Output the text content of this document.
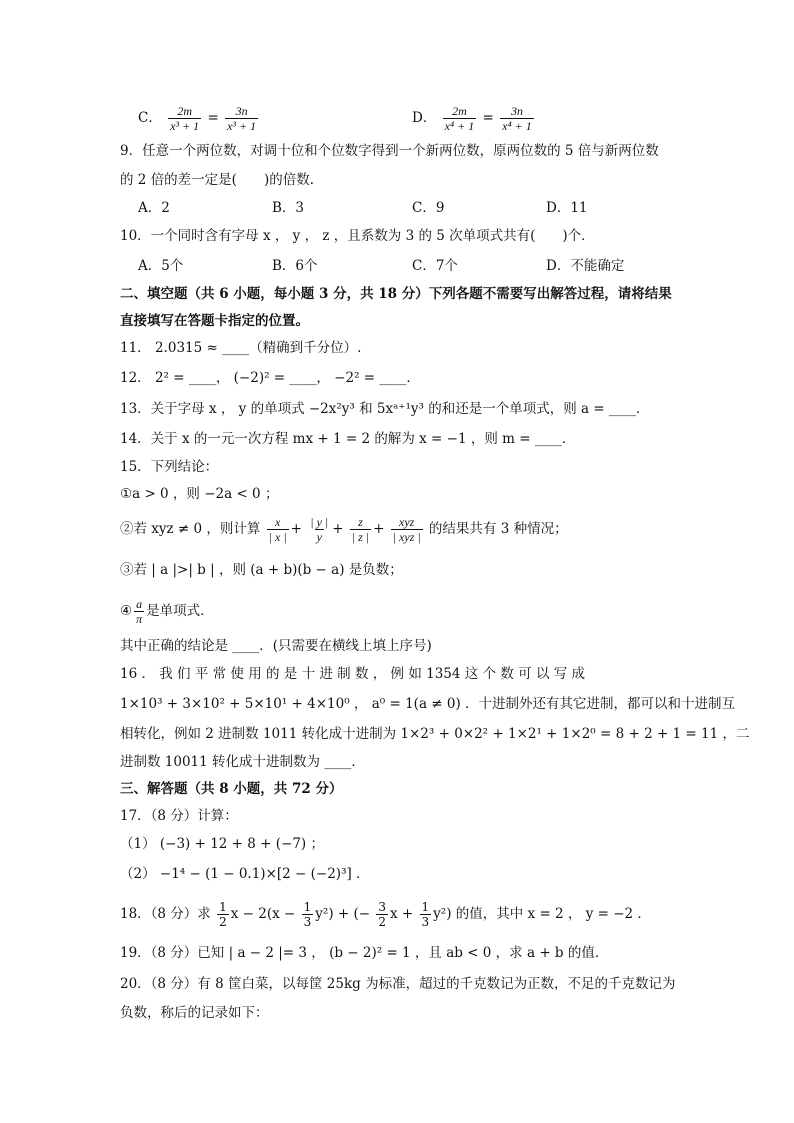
C． $\frac{2m}{\text{x³ + 1}} = \frac{3n}{\text{x³ + 1}}$	D． $\frac{2m}{\text{x⁴ + 1}} = \frac{3n}{\text{x⁴ + 1}}$
9．任意一个两位数，对调十位和个位数字得到一个新两位数，原两位数的 5 倍与新两位数
的 2 倍的差一定是(　　)的倍数．
A．2	B．3	C．9	D．11
10．一个同时含有字母 x ， y ， z ，且系数为 3 的 5 次单项式共有(　　)个．
A．5个	B．6个	C．7个	D．不能确定
二、填空题（共 6 小题，每小题 3 分，共 18 分）下列各题不需要写出解答过程，请将结果
直接填写在答题卡指定的位置。
11． 2.0315 ≈ ____（精确到千分位）.
12． 2² = ____， (−2)² = ____， −2² = ____．
13．关于字母 x ， y 的单项式 −2x²y³ 和 5xᵃ⁺¹y³ 的和还是一个单项式，则 a = ____．
14．关于 x 的一元一次方程 mx + 1 = 2 的解为 x = −1 ，则 m = ____．
15．下列结论：
①a > 0 ，则 −2a < 0 ；
②若 xyz ≠ 0 ，则计算 $\frac{x}{| x |} + \frac{| y |}{y} + \frac{z}{| z |} + \frac{\text{xyz}}{\text{| xyz |}}$ 的结果共有 3 种情况；
③若 | a |>| b | ，则 (a + b)(b − a) 是负数；
④ $\frac{a}{\pi}$ 是单项式．
其中正确的结论是 ____．(只需要在横线上填上序号)
16 ． 我 们 平 常 使 用 的 是 十 进 制 数 ， 例 如 1354 这 个 数 可 以 写 成
1×10³ + 3×10² + 5×10¹ + 4×10⁰ ， a⁰ = 1(a ≠ 0) ．十进制外还有其它进制，都可以和十进制互
相转化，例如 2 进制数 1011 转化成十进制为 1×2³ + 0×2² + 1×2¹ + 1×2⁰ = 8 + 2 + 1 = 11 ，二
进制数 10011 转化成十进制数为 ____．
三、解答题（共 8 小题，共 72 分）
17．（8 分）计算：
（1） (−3) + 12 + 8 + (−7) ；
（2） −1⁴ − (1 − 0.1)×[2 − (−2)³] ．
18．（8 分）求 $\frac{1}{2}$ $x - 2(x - \frac{1}{3} y^2)$ + (− $\frac{3}{2}$ $x + \frac{1}{3} y^2$) 的值，其中 x = 2 ， y = −2 ．
19．（8 分）已知 | a − 2 |= 3 ， (b − 2)² = 1 ，且 ab < 0 ，求 a + b 的值．
20．（8 分）有 8 筐白菜，以每筐 25kg 为标准，超过的千克数记为正数，不足的千克数记为
负数，称后的记录如下：
